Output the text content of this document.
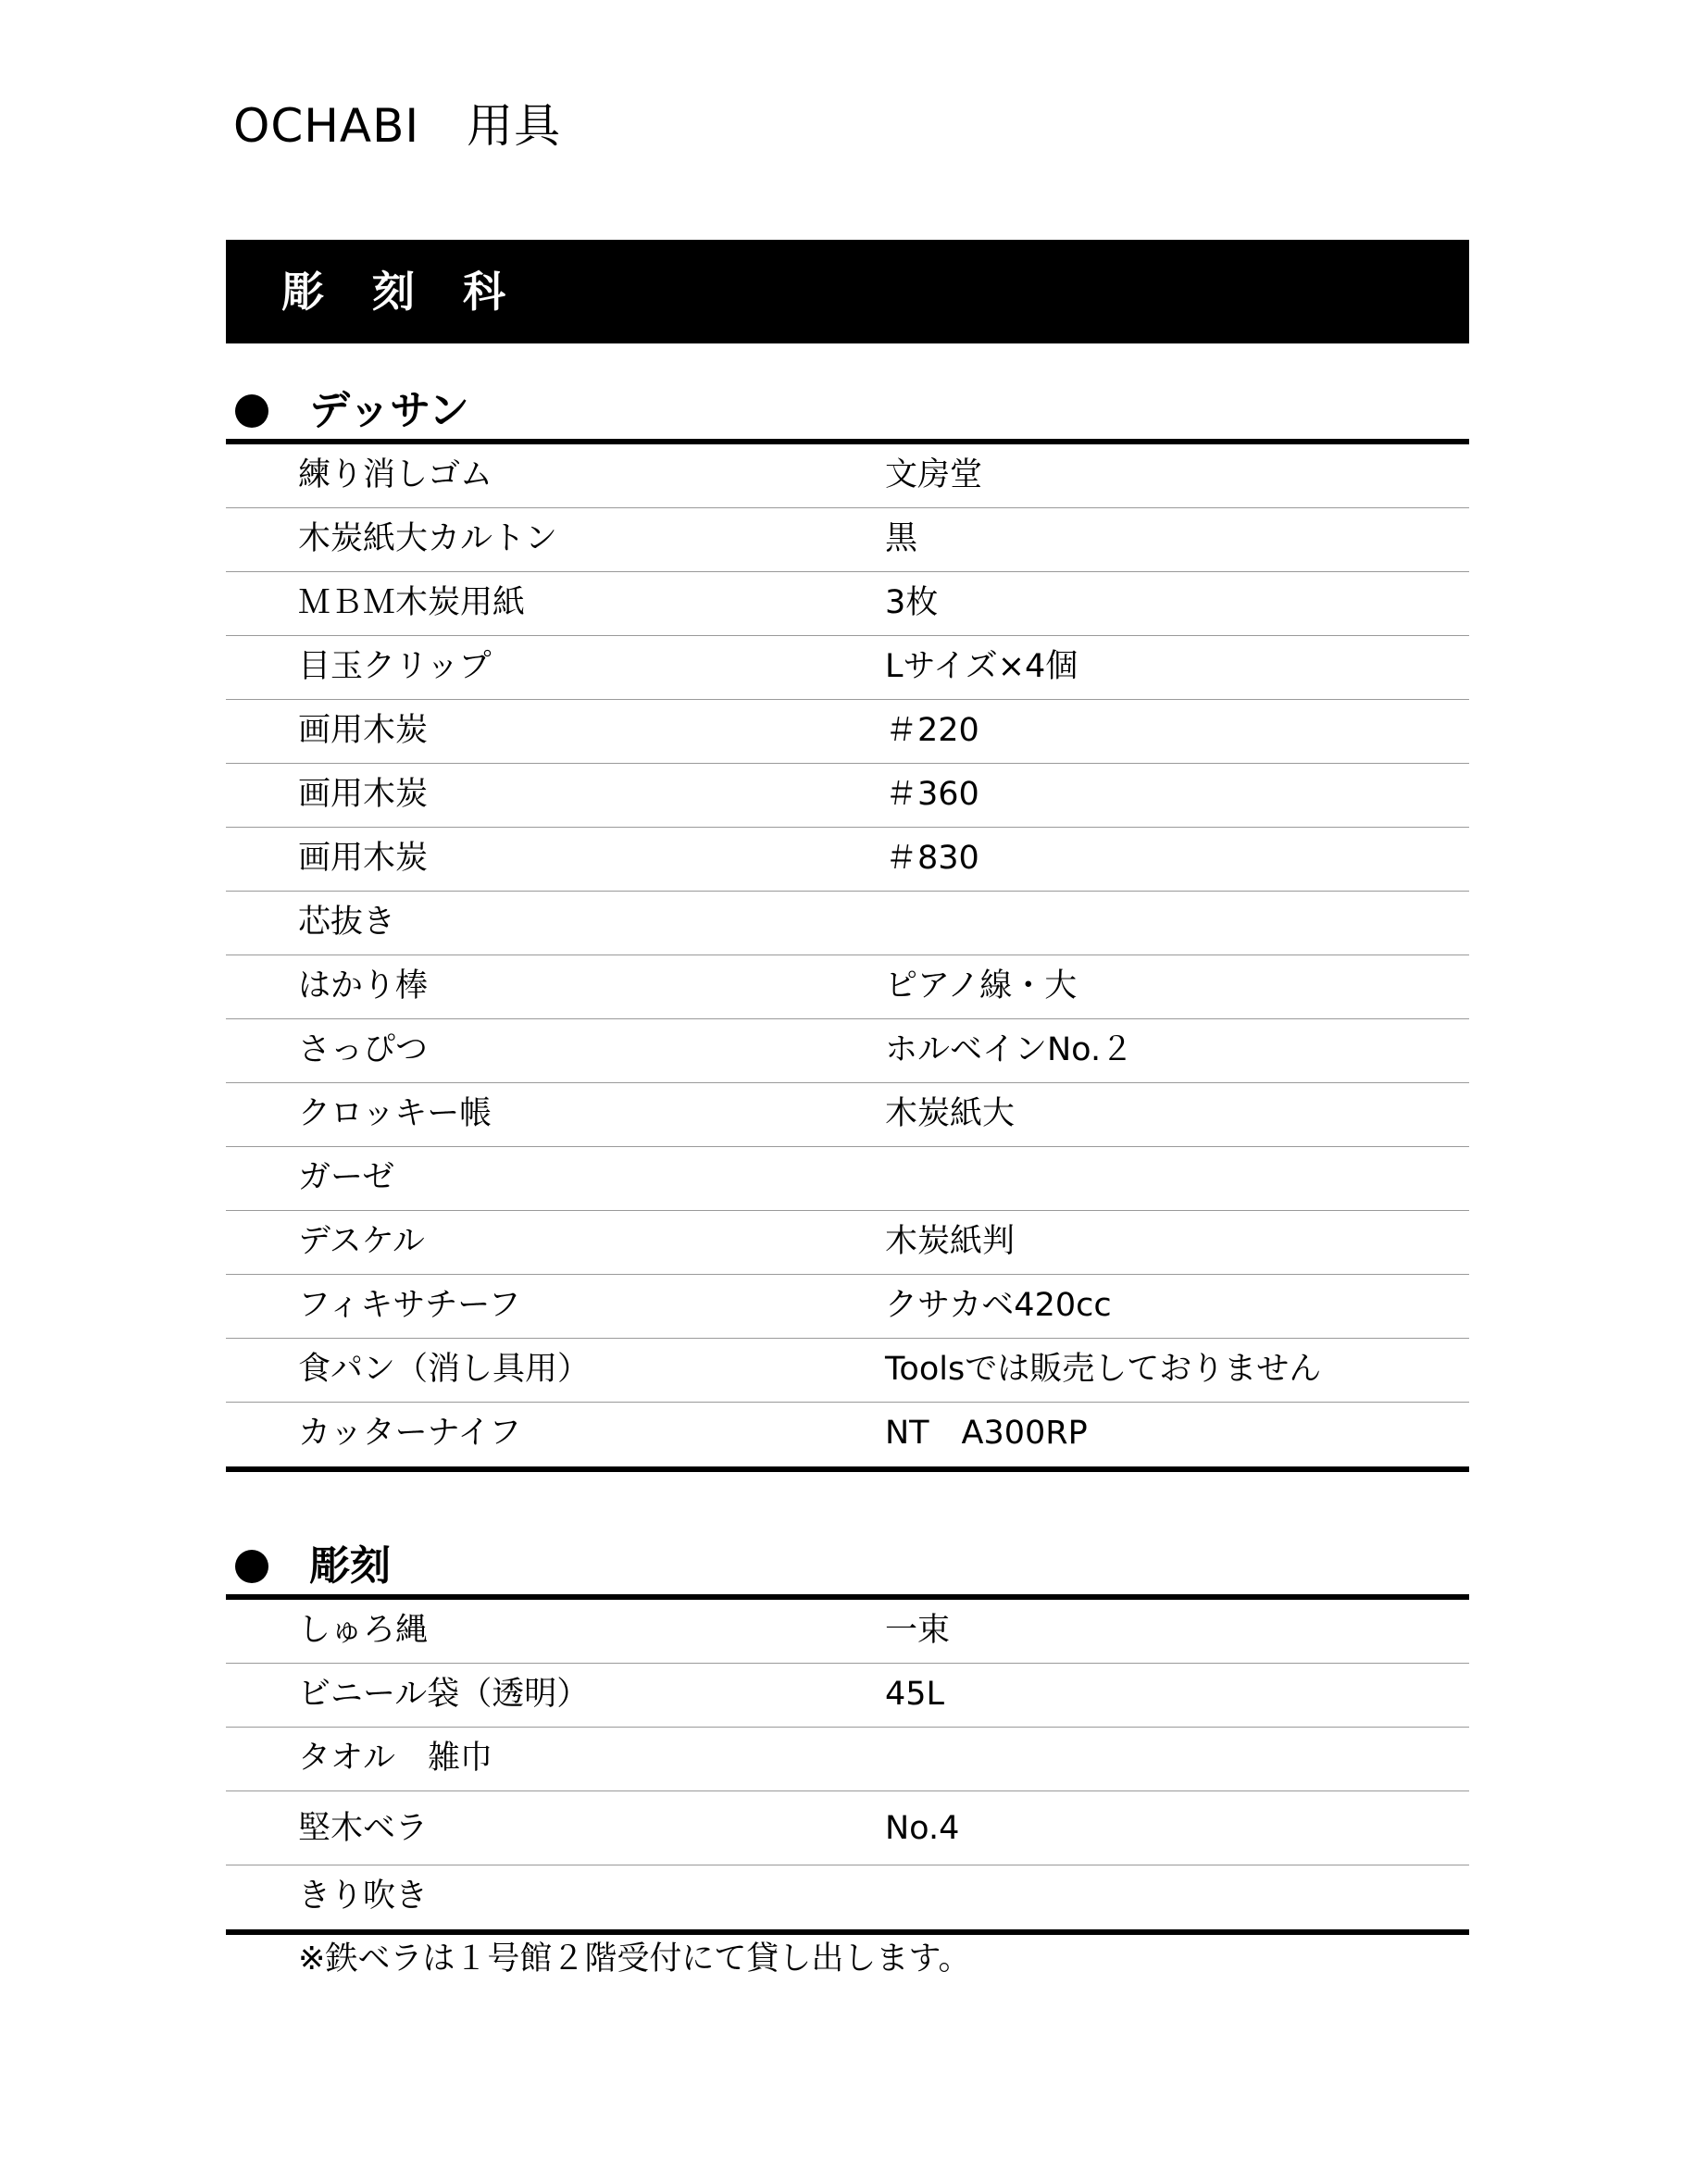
OCHABI　用具
彫 刻 科
デッサン
練り消しゴム	文房堂
木炭紙大カルトン	黒
ＭＢＭ木炭用紙	3枚
目玉クリップ	Lサイズ×4個
画用木炭	＃220
画用木炭	＃360
画用木炭	＃830
芯抜き
はかり棒	ピアノ線・大
さっぴつ	ホルベインNo.２
クロッキー帳	木炭紙大
ガーゼ
デスケル	木炭紙判
フィキサチーフ	クサカベ420cc
食パン（消し具用）	Toolsでは販売しておりません
カッターナイフ	NT　A300RP
彫刻
しゅろ縄	一束
ビニール袋（透明）	45L
タオル　雑巾
堅木ベラ	No.4
きり吹き
※鉄ベラは１号館２階受付にて貸し出します。
